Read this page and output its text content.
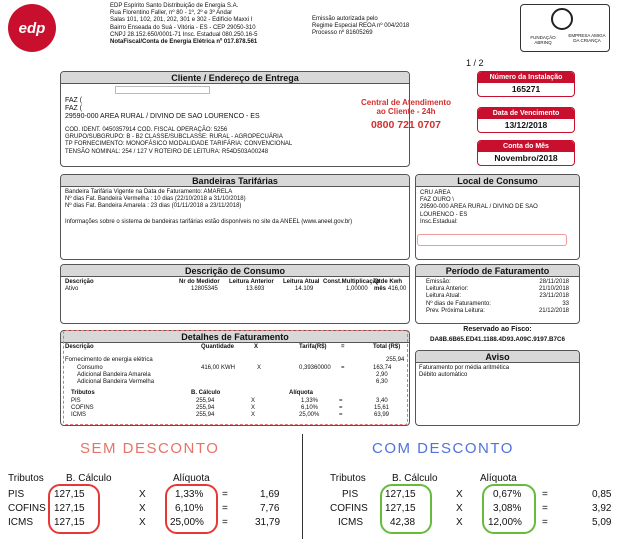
edp
EDP Espírito Santo Distribuição de Energia S.A.
Rua Florentino Faller, nº 80 - 1º, 2º e 3º Andar
Salas 101, 102, 201, 202, 301 e 302 - Edifício Maxxi I
Bairro Enseada do Suá - Vitória - ES - CEP 29050-310
CNPJ 28.152.650/0001-71 Insc. Estadual 080.250.16-5
NotaFiscal/Conta de Energia Elétrica nº 017.878.561
Emissão autorizada pelo
Regime Especial REOA nº 004/2018
Processo nº 81605269
FUNDAÇÃO ABRINQ
EMPRESA AMIGA DA CRIANÇA
1 / 2
Cliente / Endereço de Entrega
FAZ (
FAZ (
29590-000 AREA RURAL / DIVINO DE SAO LOURENCO - ES
COD. IDENT. 0450357914 COD. FISCAL OPERAÇÃO: 5256
GRUPO/SUBGRUPO: B - B2 CLASSE/SUBCLASSE: RURAL - AGROPECUÁRIA
TP FORNECIMENTO: MONOFÁSICO MODALIDADE TARIFÁRIA: CONVENCIONAL
TENSÃO NOMINAL: 254 / 127 V ROTEIRO DE LEITURA: R54D503A00248
Central de Atendimento
ao Cliente - 24h
0800 721 0707
Número da Instalação
165271
Data de Vencimento
13/12/2018
Conta do Mês
Novembro/2018
Bandeiras Tarifárias
Bandeira Tarifária Vigente na Data de Faturamento: AMARELA
Nº dias Fat. Bandeira Vermelha : 10 dias (22/10/2018 a 31/10/2018)
Nº dias Fat. Bandeira Amarela : 23 dias (01/11/2018 a 23/11/2018)
Informações sobre o sistema de bandeiras tarifárias estão disponíveis no site da ANEEL (www.aneel.gov.br)
Local de Consumo
CRU AREA
FAZ OURO \
29590-000 AREA RURAL / DIVINO DE SAO
LOURENCO - ES
Insc.Estadual:
Descrição de Consumo
Descrição	Nr do Medidor Leitura Anterior Leitura Atual Const.Multiplicação
Qtde Kwh mês
Ativo	12805345	13.693	14.109	1,00000	416,00
Período de Faturamento
Emissão:	28/11/2018
Leitura Anterior:	21/10/2018
Leitura Atual:	23/11/2018
Nº dias de Faturamento:	33
Prev. Próxima Leitura:	21/12/2018
Reservado ao Fisco:
DA8B.6B65.ED41.1188.4D93.A09C.9197.B7C6
Aviso
Faturamento por média aritmética
Débito automático
Detalhes de Faturamento
Descrição	Quantidade	X	Tarifa(R$) =	Total (R$)
Fornecimento de energia elétrica	255,94
Consumo	416,00 KWH	X	0,39360000 =	163,74
Adicional Bandeira Amarela	2,90
Adicional Bandeira Vermelha	6,30
Tributos	B. Cálculo	Alíquota
PIS	255,94	X	1,33%	=	3,40
COFINS	255,94	X	6,10%	=	15,61
ICMS	255,94	X	25,00%	=	63,99
SEM DESCONTO
Tributos B. Cálculo	Alíquota
PIS	127,15	X	1,33% =	1,69
COFINS 127,15	X	6,10% =	7,76
ICMS 127,15	X 25,00% =	31,79
COM DESCONTO
Tributos	B. Cálculo	Alíquota
PIS	127,15	X	0,67% =	0,85
COFINS 127,15	X	3,08% =	3,92
ICMS	42,38	X	12,00% =	5,09
